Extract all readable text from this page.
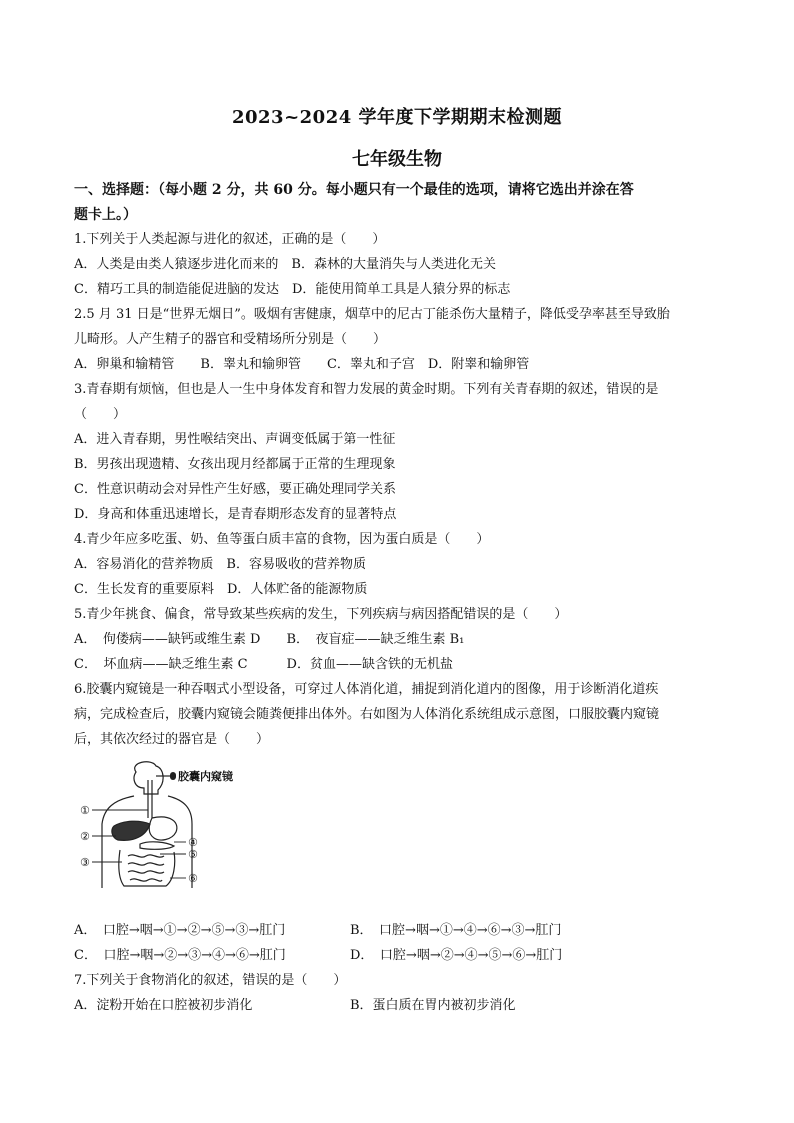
2023~2024 学年度下学期期末检测题
七年级生物
一、选择题：（每小题 2 分，共 60 分。每小题只有一个最佳的选项，请将它选出并涂在答
题卡上。）
1.下列关于人类起源与进化的叙述，正确的是（　　）
A．人类是由类人猿逐步进化而来的　B．森林的大量消失与人类进化无关
C．精巧工具的制造能促进脑的发达　D．能使用简单工具是人猿分界的标志
2.5 月 31 日是“世界无烟日”。吸烟有害健康，烟草中的尼古丁能杀伤大量精子，降低受孕率甚至导致胎
儿畸形。人产生精子的器官和受精场所分别是（　　）
A．卵巢和输精管　　B．睾丸和输卵管　　C．睾丸和子宫　D．附睾和输卵管
3.青春期有烦恼，但也是人一生中身体发育和智力发展的黄金时期。下列有关青春期的叙述，错误的是
（　　）
A．进入青春期，男性喉结突出、声调变低属于第一性征
B．男孩出现遗精、女孩出现月经都属于正常的生理现象
C．性意识萌动会对异性产生好感，要正确处理同学关系
D．身高和体重迅速增长，是青春期形态发育的显著特点
4.青少年应多吃蛋、奶、鱼等蛋白质丰富的食物，因为蛋白质是（　　）
A．容易消化的营养物质　B．容易吸收的营养物质
C．生长发育的重要原料　D．人体贮备的能源物质
5.青少年挑食、偏食，常导致某些疾病的发生，下列疾病与病因搭配错误的是（　　）
A．　佝偻病——缺钙或维生素 D　　B．　夜盲症——缺乏维生素 B₁
C．　坏血病——缺乏维生素 C　　　D．贫血——缺含铁的无机盐
6.胶囊内窥镜是一种吞咽式小型设备，可穿过人体消化道，捕捉到消化道内的图像，用于诊断消化道疾
病，完成检查后，胶囊内窥镜会随粪便排出体外。右如图为人体消化系统组成示意图，口服胶囊内窥镜
后，其依次经过的器官是（　　）
胶囊内窥镜
①
②
③
④
⑤
⑥
A．　口腔→咽→①→②→⑤→③→肛门	B．　口腔→咽→①→④→⑥→③→肛门
C．　口腔→咽→②→③→④→⑥→肛门	D．　口腔→咽→②→④→⑤→⑥→肛门
7.下列关于食物消化的叙述，错误的是（　　）
A．淀粉开始在口腔被初步消化	B．蛋白质在胃内被初步消化
